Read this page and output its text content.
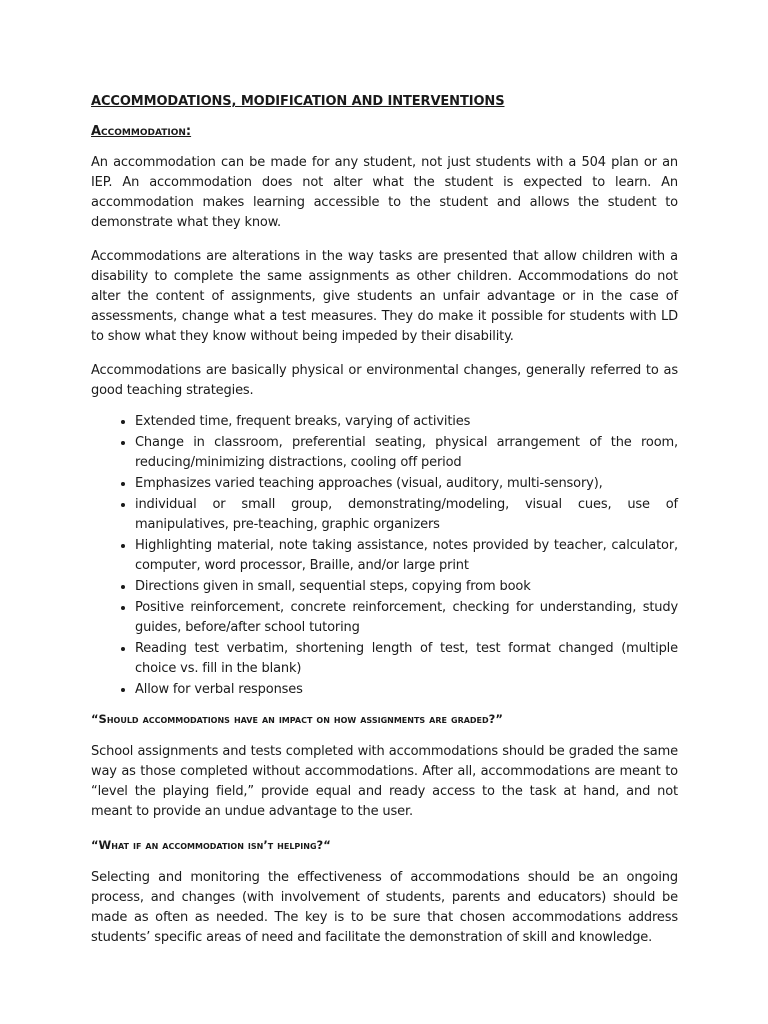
ACCOMMODATIONS, MODIFICATION AND INTERVENTIONS
Accommodation:

An accommodation can be made for any student, not just students with a 504 plan or an IEP. An accommodation does not alter what the student is expected to learn. An accommodation makes learning accessible to the student and allows the student to demonstrate what they know.

Accommodations are alterations in the way tasks are presented that allow children with a disability to complete the same assignments as other children. Accommodations do not alter the content of assignments, give students an unfair advantage or in the case of assessments, change what a test measures. They do make it possible for students with LD to show what they know without being impeded by their disability.

Accommodations are basically physical or environmental changes, generally referred to as good teaching strategies.

• Extended time, frequent breaks, varying of activities
• Change in classroom, preferential seating, physical arrangement of the room, reducing/minimizing distractions, cooling off period
• Emphasizes varied teaching approaches (visual, auditory, multi-sensory),
• individual or small group, demonstrating/modeling, visual cues, use of manipulatives, pre-teaching, graphic organizers
• Highlighting material, note taking assistance, notes provided by teacher, calculator, computer, word processor, Braille, and/or large print
• Directions given in small, sequential steps, copying from book
• Positive reinforcement, concrete reinforcement, checking for understanding, study guides, before/after school tutoring
• Reading test verbatim, shortening length of test, test format changed (multiple choice vs. fill in the blank)
• Allow for verbal responses
“Should accommodations have an impact on how assignments are graded?”

School assignments and tests completed with accommodations should be graded the same way as those completed without accommodations. After all, accommodations are meant to “level the playing field,” provide equal and ready access to the task at hand, and not meant to provide an undue advantage to the user.

“What if an accommodation isn’t helping?“

Selecting and monitoring the effectiveness of accommodations should be an ongoing process, and changes (with involvement of students, parents and educators) should be made as often as needed. The key is to be sure that chosen accommodations address students’ specific areas of need and facilitate the demonstration of skill and knowledge.
